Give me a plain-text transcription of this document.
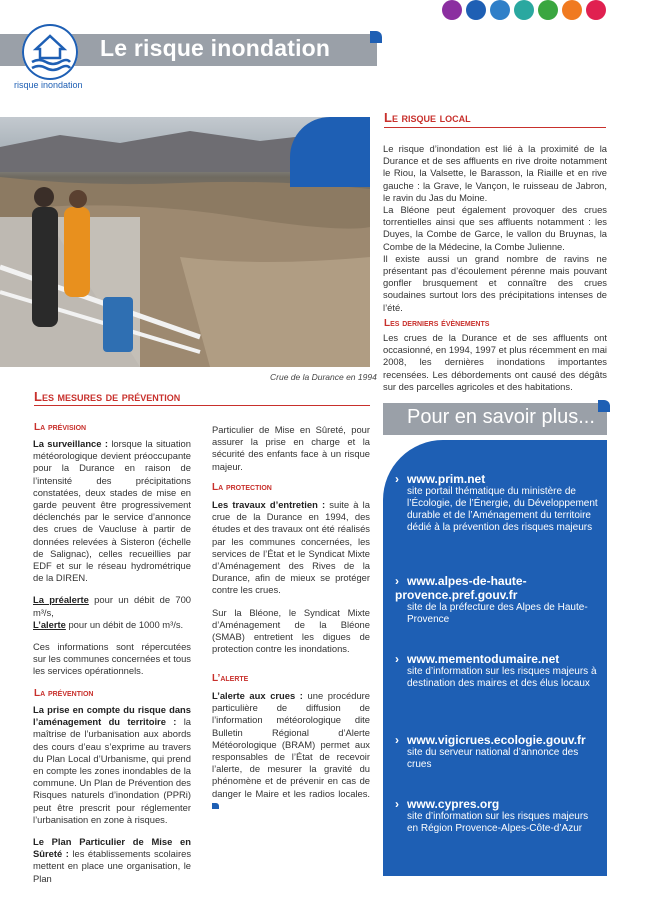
Le risque inondation
risque inondation
Crue de la Durance en 1994
Le risque local
Le risque d’inondation est lié à la proximité de la Durance et de ses affluents en rive droite notamment le Riou, la Valsette, le Barasson, la Riaille et en rive gauche : la Grave, le Vançon, le ruisseau de Jabron, le ravin du Jas du Moine.
La Bléone peut également provoquer des crues torrentielles ainsi que ses affluents notamment : les Duyes, la Combe de Garce, le vallon du Bruynas, la Combe de la Médecine, la Combe Julienne.
Il existe aussi un grand nombre de ravins ne présentant pas d’écoulement pérenne mais pouvant gonfler brusquement et connaître des crues soudaines surtout lors des précipitations intenses de l’été.
Les derniers évènements
Les crues de la Durance et de ses affluents ont occasionné, en 1994, 1997 et plus récemment en mai 2008, les dernières inondations importantes recensées. Les débordements ont causé des dégâts sur des parcelles agricoles et des habitations.
Les mesures de prévention
La prévision
La surveillance : lorsque la situation météorologique devient préoccupante pour la Durance en raison de l’intensité des précipitations constatées, deux stades de mise en garde peuvent être progressivement déclenchés par le service d’annonce des crues de Vaucluse à partir de données relevées à Sisteron (échelle de Salignac), celles recueillies par EDF et sur le réseau hydrométrique de la DIREN.
La préalerte pour un débit de 700 m³/s,
L’alerte pour un débit de 1000 m³/s.
Ces informations sont répercutées sur les communes concernées et tous les services opérationnels.
La prévention
La prise en compte du risque dans l’aménagement du territoire : la maîtrise de l’urbanisation aux abords des cours d’eau s’exprime au travers du Plan Local d’Urbanisme, qui prend en compte les zones inondables de la commune. Un Plan de Prévention des Risques naturels d’inondation (PPRi) peut être prescrit pour réglementer l’urbanisation en zone à risques.
Le Plan Particulier de Mise en Sûreté : les établissements scolaires mettent en place une organisation, le Plan
Particulier de Mise en Sûreté, pour assurer la prise en charge et la sécurité des enfants face à un risque majeur.
La protection
Les travaux d’entretien : suite à la crue de la Durance en 1994, des études et des travaux ont été réalisés par les communes concernées, les services de l’État et le Syndicat Mixte d’Aménagement des Rives de la Durance, afin de mieux se protéger contre les crues.
Sur la Bléone, le Syndicat Mixte d’Aménagement de la Bléone (SMAB) entretient les digues de protection contre les inondations.
L’alerte
L’alerte aux crues : une procédure particulière de diffusion de l’information météorologique dite Bulletin Régional d’Alerte Météorologique (BRAM) permet aux responsables de l’État de recevoir l’alerte, de mesurer la gravité du phénomène et de prévenir en cas de danger le Maire et les radios locales.
Pour en savoir plus...
› www.prim.net
site portail thématique du ministère de l’Écologie, de l’Énergie, du Développement durable et de l’Aménagement du territoire dédié à la prévention des risques majeurs
› www.alpes-de-haute-provence.pref.gouv.fr
site de la préfecture des Alpes de Haute-Provence
› www.mementodumaire.net
site d’information sur les risques majeurs à destination des maires et des élus locaux
› www.vigicrues.ecologie.gouv.fr
site du serveur national d’annonce des crues
› www.cypres.org
site d’information sur les risques majeurs en Région Provence-Alpes-Côte-d’Azur
